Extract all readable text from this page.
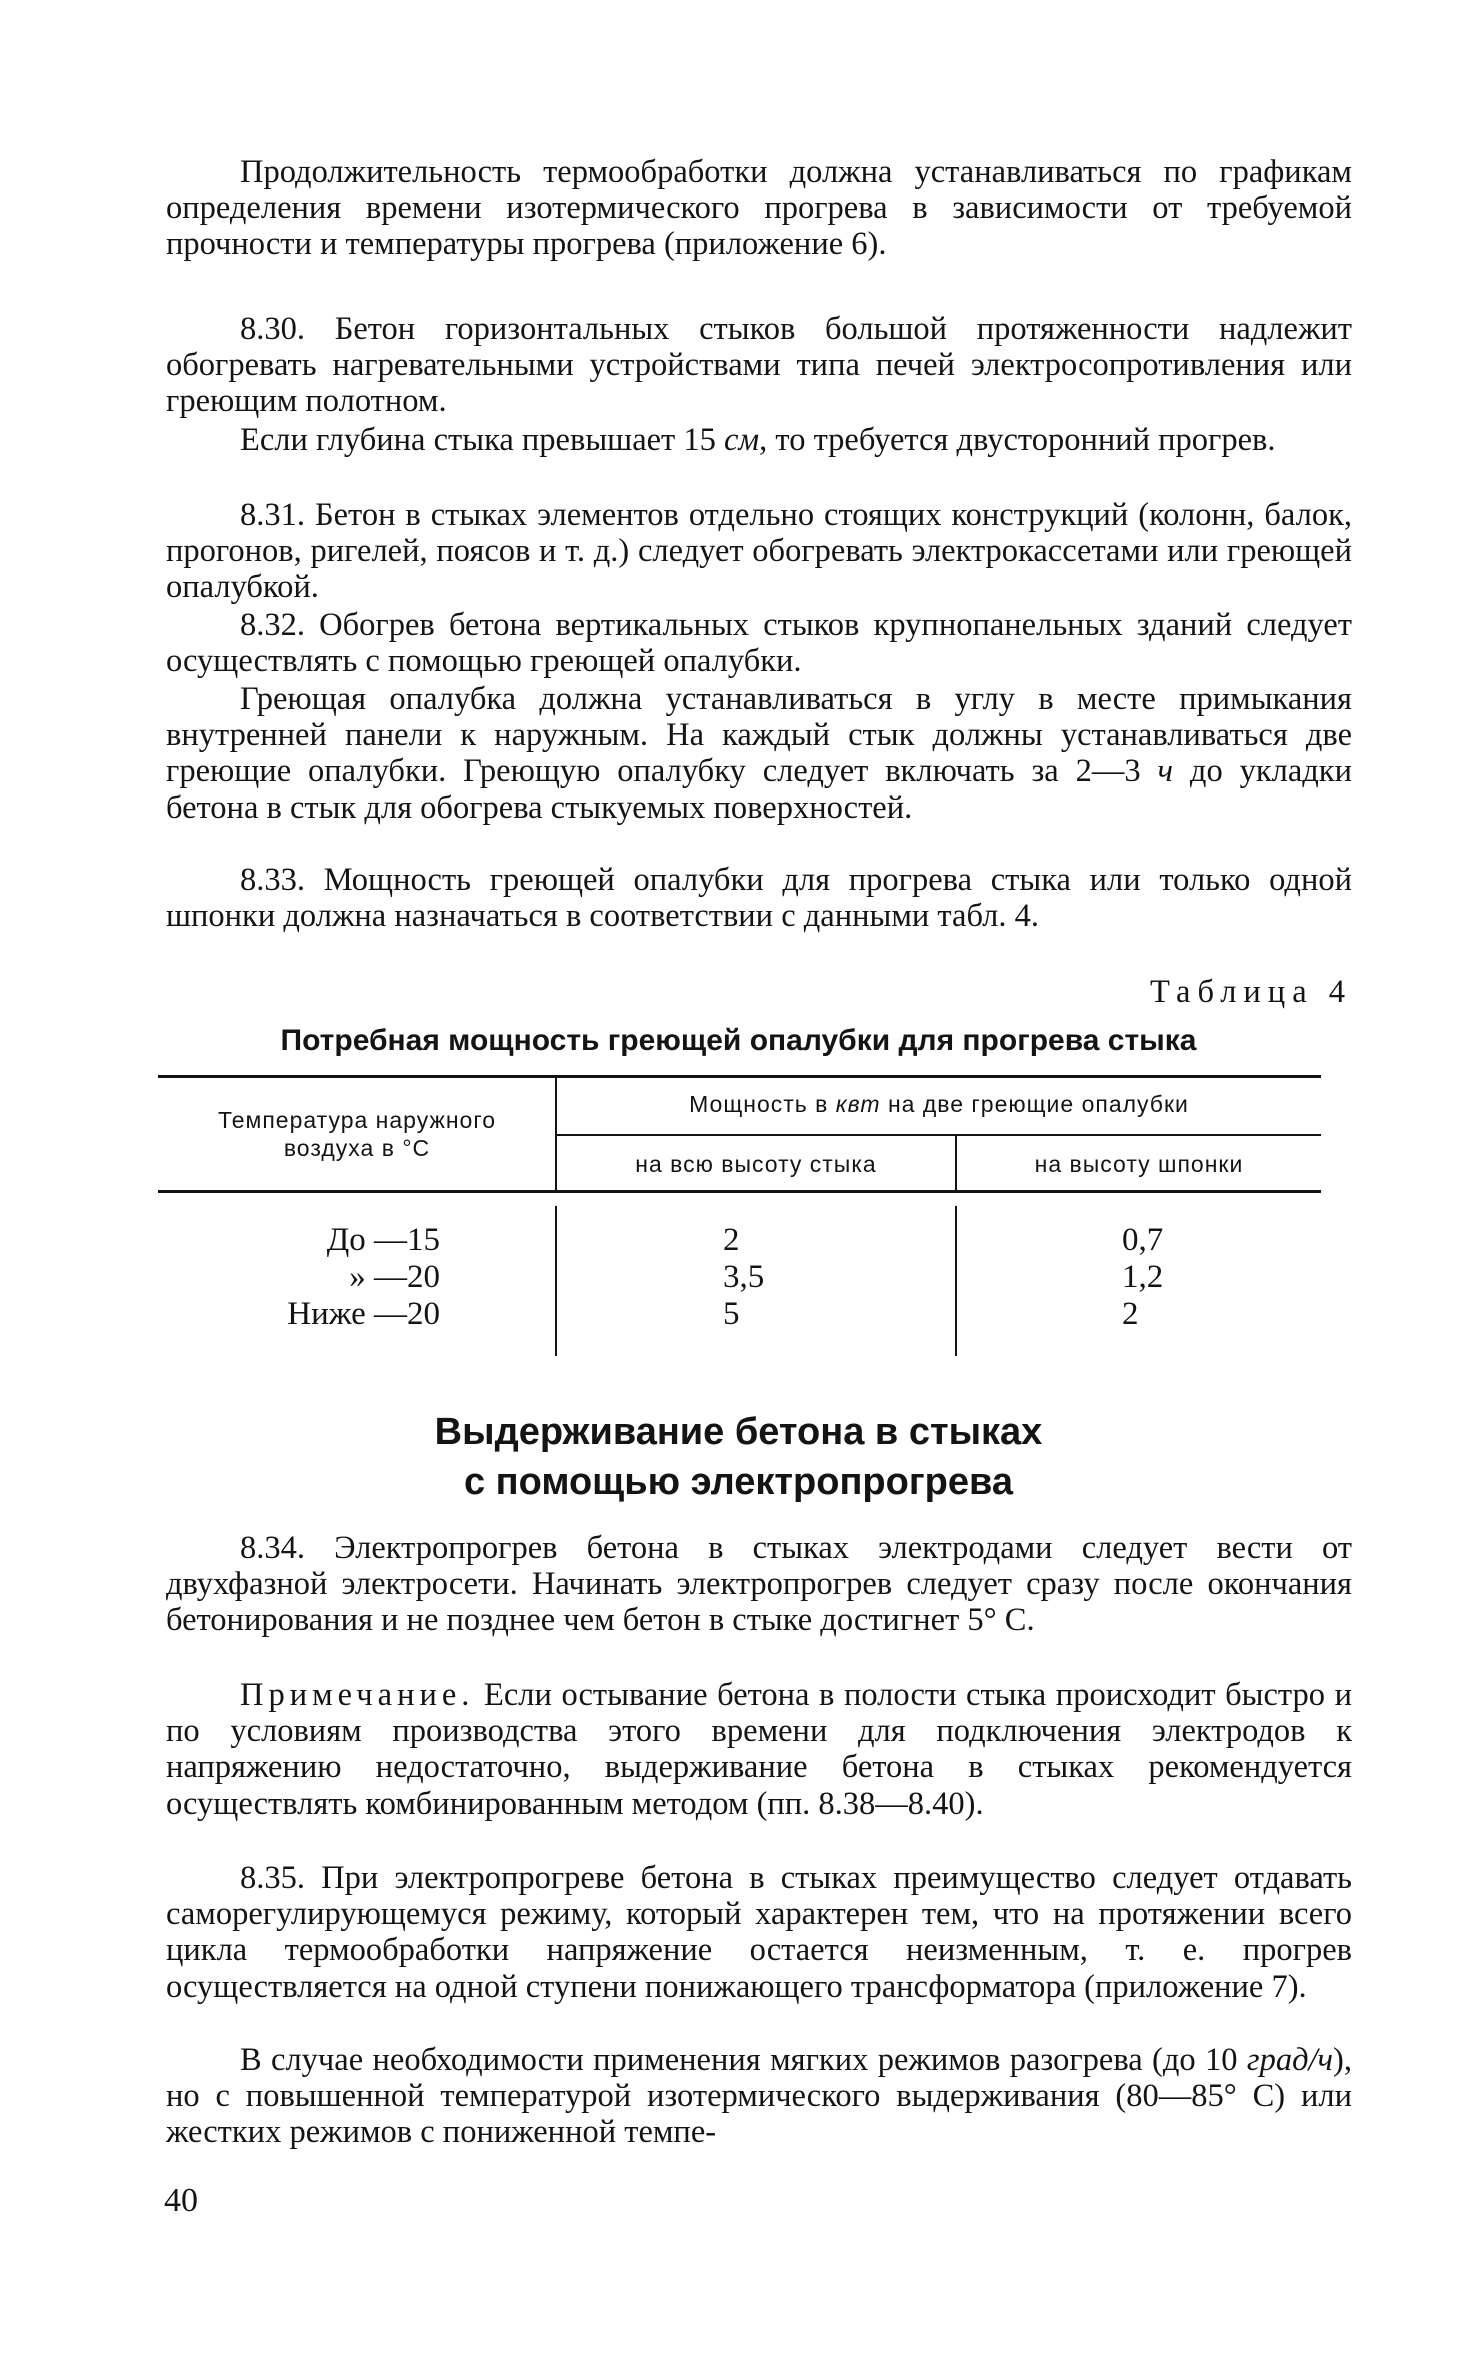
Продолжительность термообработки должна устанавливаться по графикам определения времени изотермического прогрева в зависимости от требуемой прочности и температуры прогрева (приложение 6).

8.30. Бетон горизонтальных стыков большой протяженности надлежит обогревать нагревательными устройствами типа печей электросопротивления или греющим полотном.

Если глубина стыка превышает 15 см, то требуется двусторонний прогрев.

8.31. Бетон в стыках элементов отдельно стоящих конструкций (колонн, балок, прогонов, ригелей, поясов и т. д.) следует обогревать электрокассетами или греющей опалубкой.

8.32. Обогрев бетона вертикальных стыков крупнопанельных зданий следует осуществлять с помощью греющей опалубки.

Греющая опалубка должна устанавливаться в углу в месте примыкания внутренней панели к наружным. На каждый стык должны устанавливаться две греющие опалубки. Греющую опалубку следует включать за 2—3 ч до укладки бетона в стык для обогрева стыкуемых поверхностей.

8.33. Мощность греющей опалубки для прогрева стыка или только одной шпонки должна назначаться в соответствии с данными табл. 4.

Таблица 4
Потребная мощность греющей опалубки для прогрева стыка
Температура наружного
воздуха в °С
Мощность в квт на две греющие опалубки
на всю высоту стыка	на высоту шпонки
До —15
» —20
Ниже —20
2
3,5
5
0,7
1,2
2
Выдерживание бетона в стыках
с помощью электропрогрева

8.34. Электропрогрев бетона в стыках электродами следует вести от двухфазной электросети. Начинать электропрогрев следует сразу после окончания бетонирования и не позднее чем бетон в стыке достигнет 5° С.

Примечание. Если остывание бетона в полости стыка происходит быстро и по условиям производства этого времени для подключения электродов к напряжению недостаточно, выдерживание бетона в стыках рекомендуется осуществлять комбинированным методом (пп. 8.38—8.40).

8.35. При электропрогреве бетона в стыках преимущество следует отдавать саморегулирующемуся режиму, который характерен тем, что на протяжении всего цикла термообработки напряжение остается неизменным, т. е. прогрев осуществляется на одной ступени понижающего трансформатора (приложение 7).

В случае необходимости применения мягких режимов разогрева (до 10 град/ч), но с повышенной температурой изотермического выдерживания (80—85° С) или жестких режимов с пониженной темпе-

40
